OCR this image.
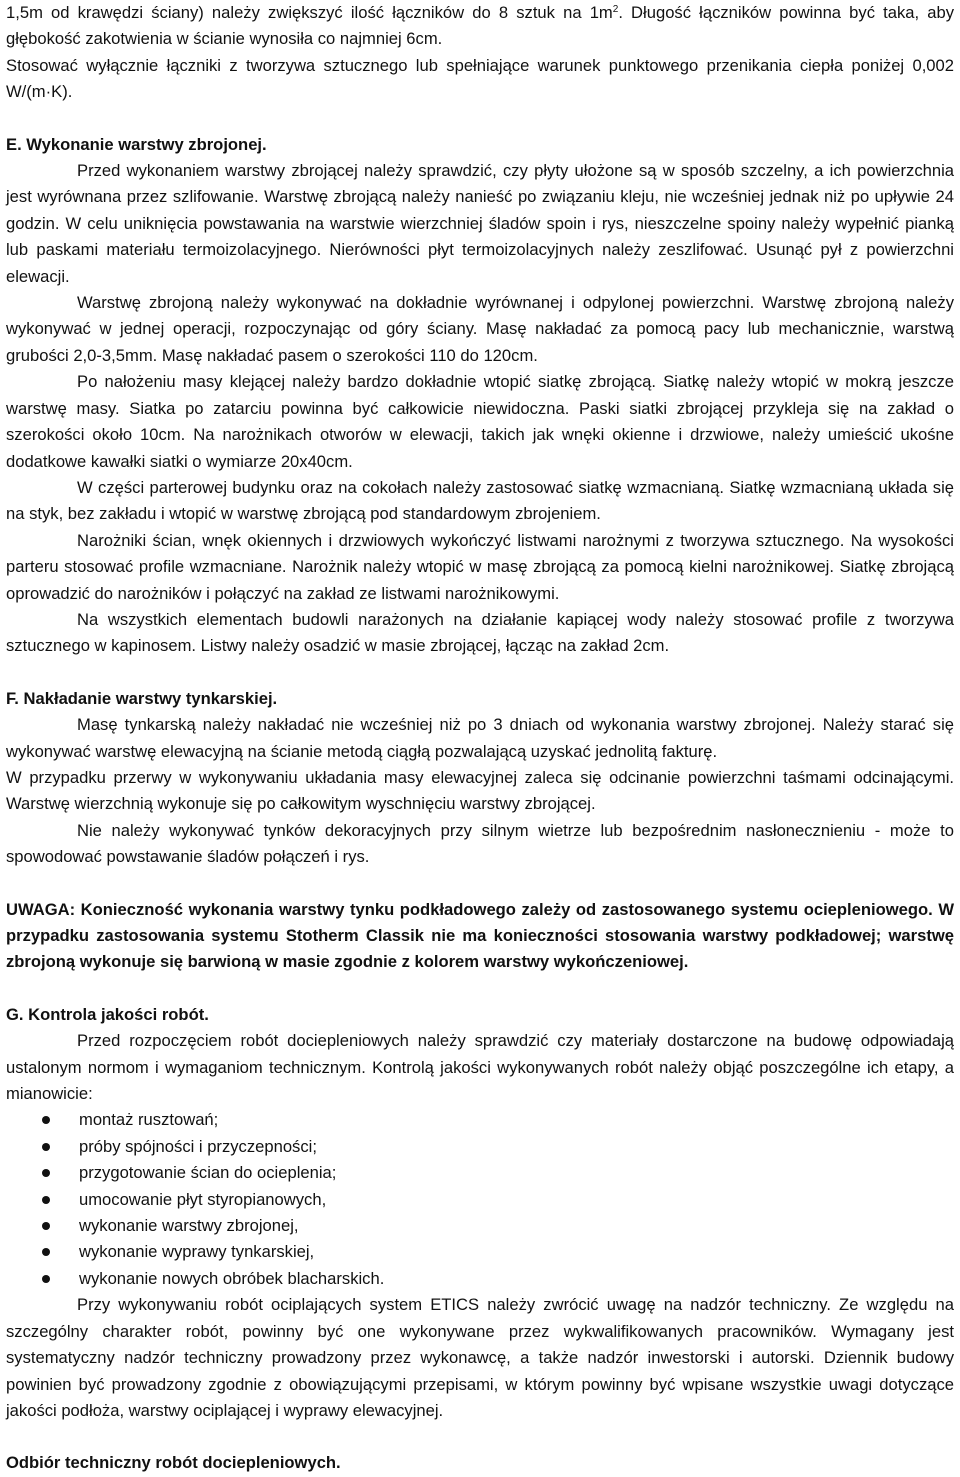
1,5m od krawędzi ściany) należy zwiększyć ilość łączników do 8 sztuk na $1m^2$. Długość łączników powinna być taka, aby głębokość zakotwienia w ścianie wynosiła co najmniej 6cm.

Stosować wyłącznie łączniki z tworzywa sztucznego lub spełniające warunek punktowego przenikania ciepła poniżej 0,002 W/(m·K).

E. Wykonanie warstwy zbrojonej.

Przed wykonaniem warstwy zbrojącej należy sprawdzić, czy płyty ułożone są w sposób szczelny, a ich powierzchnia jest wyrównana przez szlifowanie. Warstwę zbrojącą należy nanieść po związaniu kleju, nie wcześniej jednak niż po upływie 24 godzin. W celu uniknięcia powstawania na warstwie wierzchniej śladów spoin i rys, nieszczelne spoiny należy wypełnić pianką lub paskami materiału termoizolacyjnego. Nierówności płyt termoizolacyjnych należy zeszlifować. Usunąć pył z powierzchni elewacji.

Warstwę zbrojoną należy wykonywać na dokładnie wyrównanej i odpylonej powierzchni. Warstwę zbrojoną należy wykonywać w jednej operacji, rozpoczynając od góry ściany. Masę nakładać za pomocą pacy lub mechanicznie, warstwą grubości 2,0-3,5mm. Masę nakładać pasem o szerokości 110 do 120cm.

Po nałożeniu masy klejącej należy bardzo dokładnie wtopić siatkę zbrojącą. Siatkę należy wtopić w mokrą jeszcze warstwę masy. Siatka po zatarciu powinna być całkowicie niewidoczna. Paski siatki zbrojącej przykleja się na zakład o szerokości około 10cm. Na narożnikach otworów w elewacji, takich jak wnęki okienne i drzwiowe, należy umieścić ukośne dodatkowe kawałki siatki o wymiarze 20x40cm.

W części parterowej budynku oraz na cokołach należy zastosować siatkę wzmacnianą. Siatkę wzmacnianą układa się na styk, bez zakładu i wtopić w warstwę zbrojącą pod standardowym zbrojeniem.

Narożniki ścian, wnęk okiennych i drzwiowych wykończyć listwami narożnymi z tworzywa sztucznego. Na wysokości parteru stosować profile wzmacniane. Narożnik należy wtopić w masę zbrojącą za pomocą kielni narożnikowej. Siatkę zbrojącą oprowadzić do narożników i połączyć na zakład ze listwami narożnikowymi.

Na wszystkich elementach budowli narażonych na działanie kapiącej wody należy stosować profile z tworzywa sztucznego w kapinosem. Listwy należy osadzić w masie zbrojącej, łącząc na zakład 2cm.

F. Nakładanie warstwy tynkarskiej.

Masę tynkarską należy nakładać nie wcześniej niż po 3 dniach od wykonania warstwy zbrojonej. Należy starać się wykonywać warstwę elewacyjną na ścianie metodą ciągłą pozwalającą uzyskać jednolitą fakturę.

W przypadku przerwy w wykonywaniu układania masy elewacyjnej zaleca się odcinanie powierzchni taśmami odcinającymi. Warstwę wierzchnią wykonuje się po całkowitym wyschnięciu warstwy zbrojącej.

Nie należy wykonywać tynków dekoracyjnych przy silnym wietrze lub bezpośrednim nasłonecznieniu - może to spowodować powstawanie śladów połączeń i rys.

UWAGA: Konieczność wykonania warstwy tynku podkładowego zależy od zastosowanego systemu ociepleniowego. W przypadku zastosowania systemu Stotherm Classik nie ma konieczności stosowania warstwy podkładowej; warstwę zbrojoną wykonuje się barwioną w masie zgodnie z kolorem warstwy wykończeniowej.

G. Kontrola jakości robót.

Przed rozpoczęciem robót dociepleniowych należy sprawdzić czy materiały dostarczone na budowę odpowiadają ustalonym normom i wymaganiom technicznym. Kontrolą jakości wykonywanych robót należy objąć poszczególne ich etapy, a mianowicie:

montaż rusztowań;
próby spójności i przyczepności;
przygotowanie ścian do ocieplenia;
umocowanie płyt styropianowych,
wykonanie warstwy zbrojonej,
wykonanie wyprawy tynkarskiej,
wykonanie nowych obróbek blacharskich.

Przy wykonywaniu robót ociplających system ETICS należy zwrócić uwagę na nadzór techniczny. Ze względu na szczególny charakter robót, powinny być one wykonywane przez wykwalifikowanych pracowników. Wymagany jest systematyczny nadzór techniczny prowadzony przez wykonawcę, a także nadzór inwestorski i autorski. Dziennik budowy powinien być prowadzony zgodnie z obowiązującymi przepisami, w którym powinny być wpisane wszystkie uwagi dotyczące jakości podłoża, warstwy ociplającej i wyprawy elewacyjnej.

Odbiór techniczny robót dociepleniowych.
